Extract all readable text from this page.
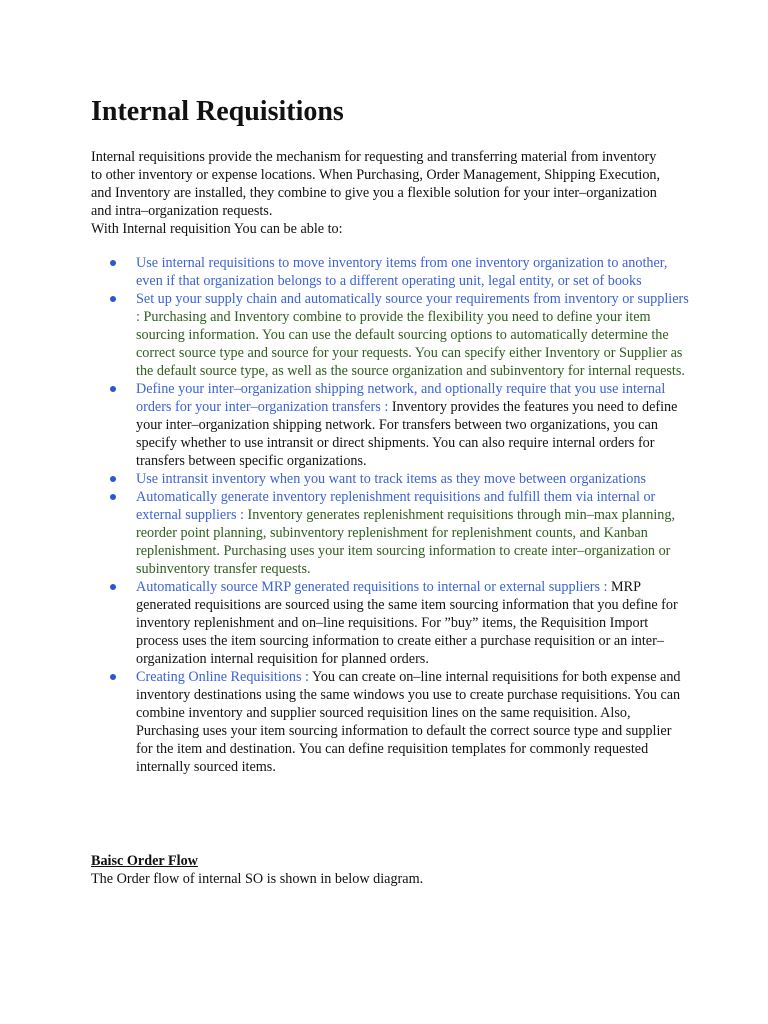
Internal Requisitions

Internal requisitions provide the mechanism for requesting and transferring material from inventory to other inventory or expense locations. When Purchasing, Order Management, Shipping Execution, and Inventory are installed, they combine to give you a flexible solution for your inter–organization and intra–organization requests.

With Internal requisition You can be able to:

Use internal requisitions to move inventory items from one inventory organization to another, even if that organization belongs to a different operating unit, legal entity, or set of books
Set up your supply chain and automatically source your requirements from inventory or suppliers : Purchasing and Inventory combine to provide the flexibility you need to define your item sourcing information. You can use the default sourcing options to automatically determine the correct source type and source for your requests. You can specify either Inventory or Supplier as the default source type, as well as the source organization and subinventory for internal requests.
Define your inter–organization shipping network, and optionally require that you use internal orders for your inter–organization transfers : Inventory provides the features you need to define your inter–organization shipping network. For transfers between two organizations, you can specify whether to use intransit or direct shipments. You can also require internal orders for transfers between specific organizations.
Use intransit inventory when you want to track items as they move between organizations
Automatically generate inventory replenishment requisitions and fulfill them via internal or external suppliers : Inventory generates replenishment requisitions through min–max planning, reorder point planning, subinventory replenishment for replenishment counts, and Kanban replenishment. Purchasing uses your item sourcing information to create inter–organization or subinventory transfer requests.
Automatically source MRP generated requisitions to internal or external suppliers : MRP generated requisitions are sourced using the same item sourcing information that you define for inventory replenishment and on–line requisitions. For ”buy” items, the Requisition Import process uses the item sourcing information to create either a purchase requisition or an inter–organization internal requisition for planned orders.
Creating Online Requisitions : You can create on–line internal requisitions for both expense and inventory destinations using the same windows you use to create purchase requisitions. You can combine inventory and supplier sourced requisition lines on the same requisition. Also, Purchasing uses your item sourcing information to default the correct source type and supplier for the item and destination. You can define requisition templates for commonly requested internally sourced items.
Baisc Order Flow
The Order flow of internal SO is shown in below diagram.
